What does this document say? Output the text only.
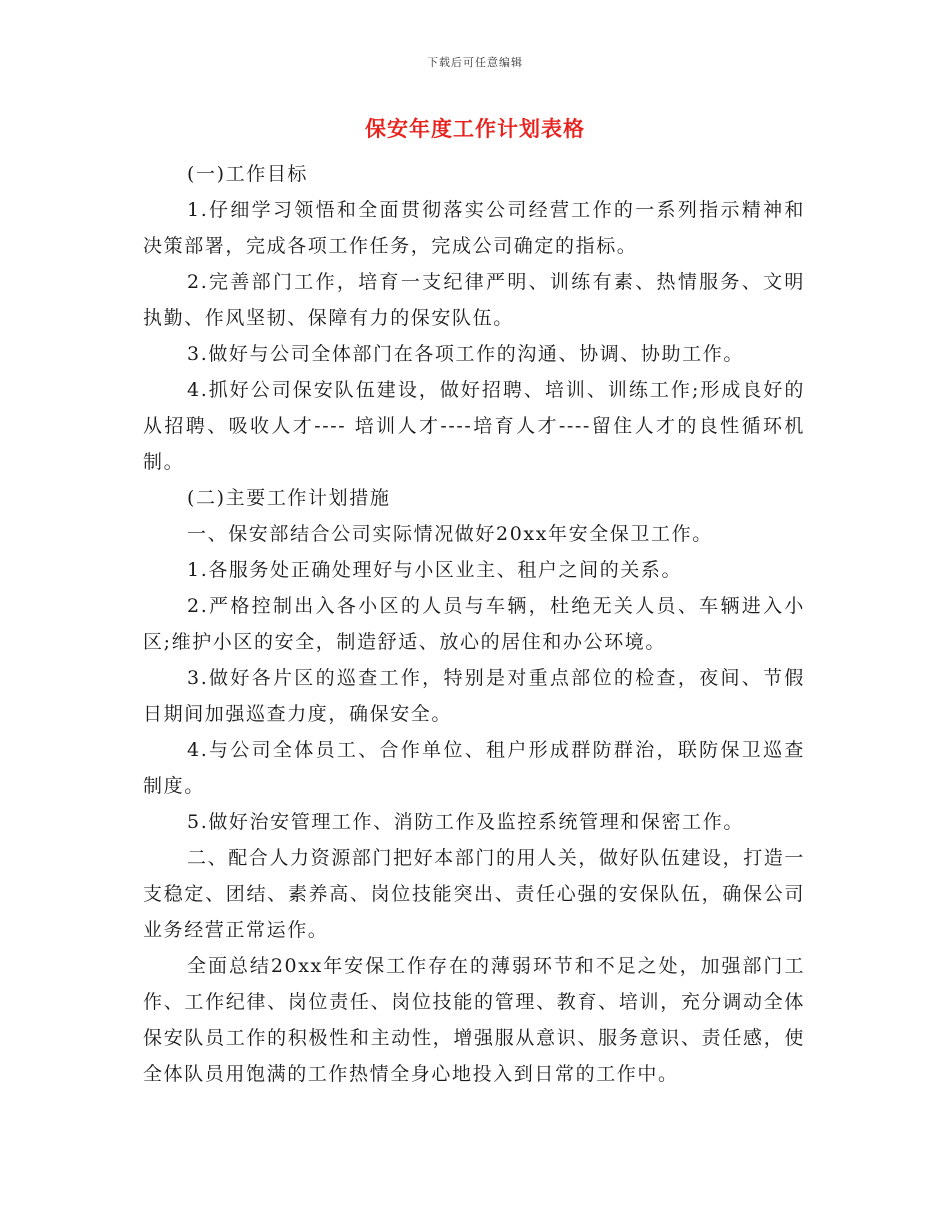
下载后可任意编辑
保安年度工作计划表格

(一)工作目标

1.仔细学习领悟和全面贯彻落实公司经营工作的一系列指示精神和决策部署，完成各项工作任务，完成公司确定的指标。

2.完善部门工作，培育一支纪律严明、训练有素、热情服务、文明执勤、作风坚韧、保障有力的保安队伍。

3.做好与公司全体部门在各项工作的沟通、协调、协助工作。

4.抓好公司保安队伍建设，做好招聘、培训、训练工作;形成良好的从招聘、吸收人才---- 培训人才----培育人才----留住人才的良性循环机制。

(二)主要工作计划措施

一、保安部结合公司实际情况做好20xx年安全保卫工作。

1.各服务处正确处理好与小区业主、租户之间的关系。

2.严格控制出入各小区的人员与车辆，杜绝无关人员、车辆进入小区;维护小区的安全，制造舒适、放心的居住和办公环境。

3.做好各片区的巡查工作，特别是对重点部位的检查，夜间、节假日期间加强巡查力度，确保安全。

4.与公司全体员工、合作单位、租户形成群防群治，联防保卫巡查制度。

5.做好治安管理工作、消防工作及监控系统管理和保密工作。

二、配合人力资源部门把好本部门的用人关，做好队伍建设，打造一支稳定、团结、素养高、岗位技能突出、责任心强的安保队伍，确保公司业务经营正常运作。

全面总结20xx年安保工作存在的薄弱环节和不足之处，加强部门工作、工作纪律、岗位责任、岗位技能的管理、教育、培训，充分调动全体保安队员工作的积极性和主动性，增强服从意识、服务意识、责任感，使全体队员用饱满的工作热情全身心地投入到日常的工作中。
